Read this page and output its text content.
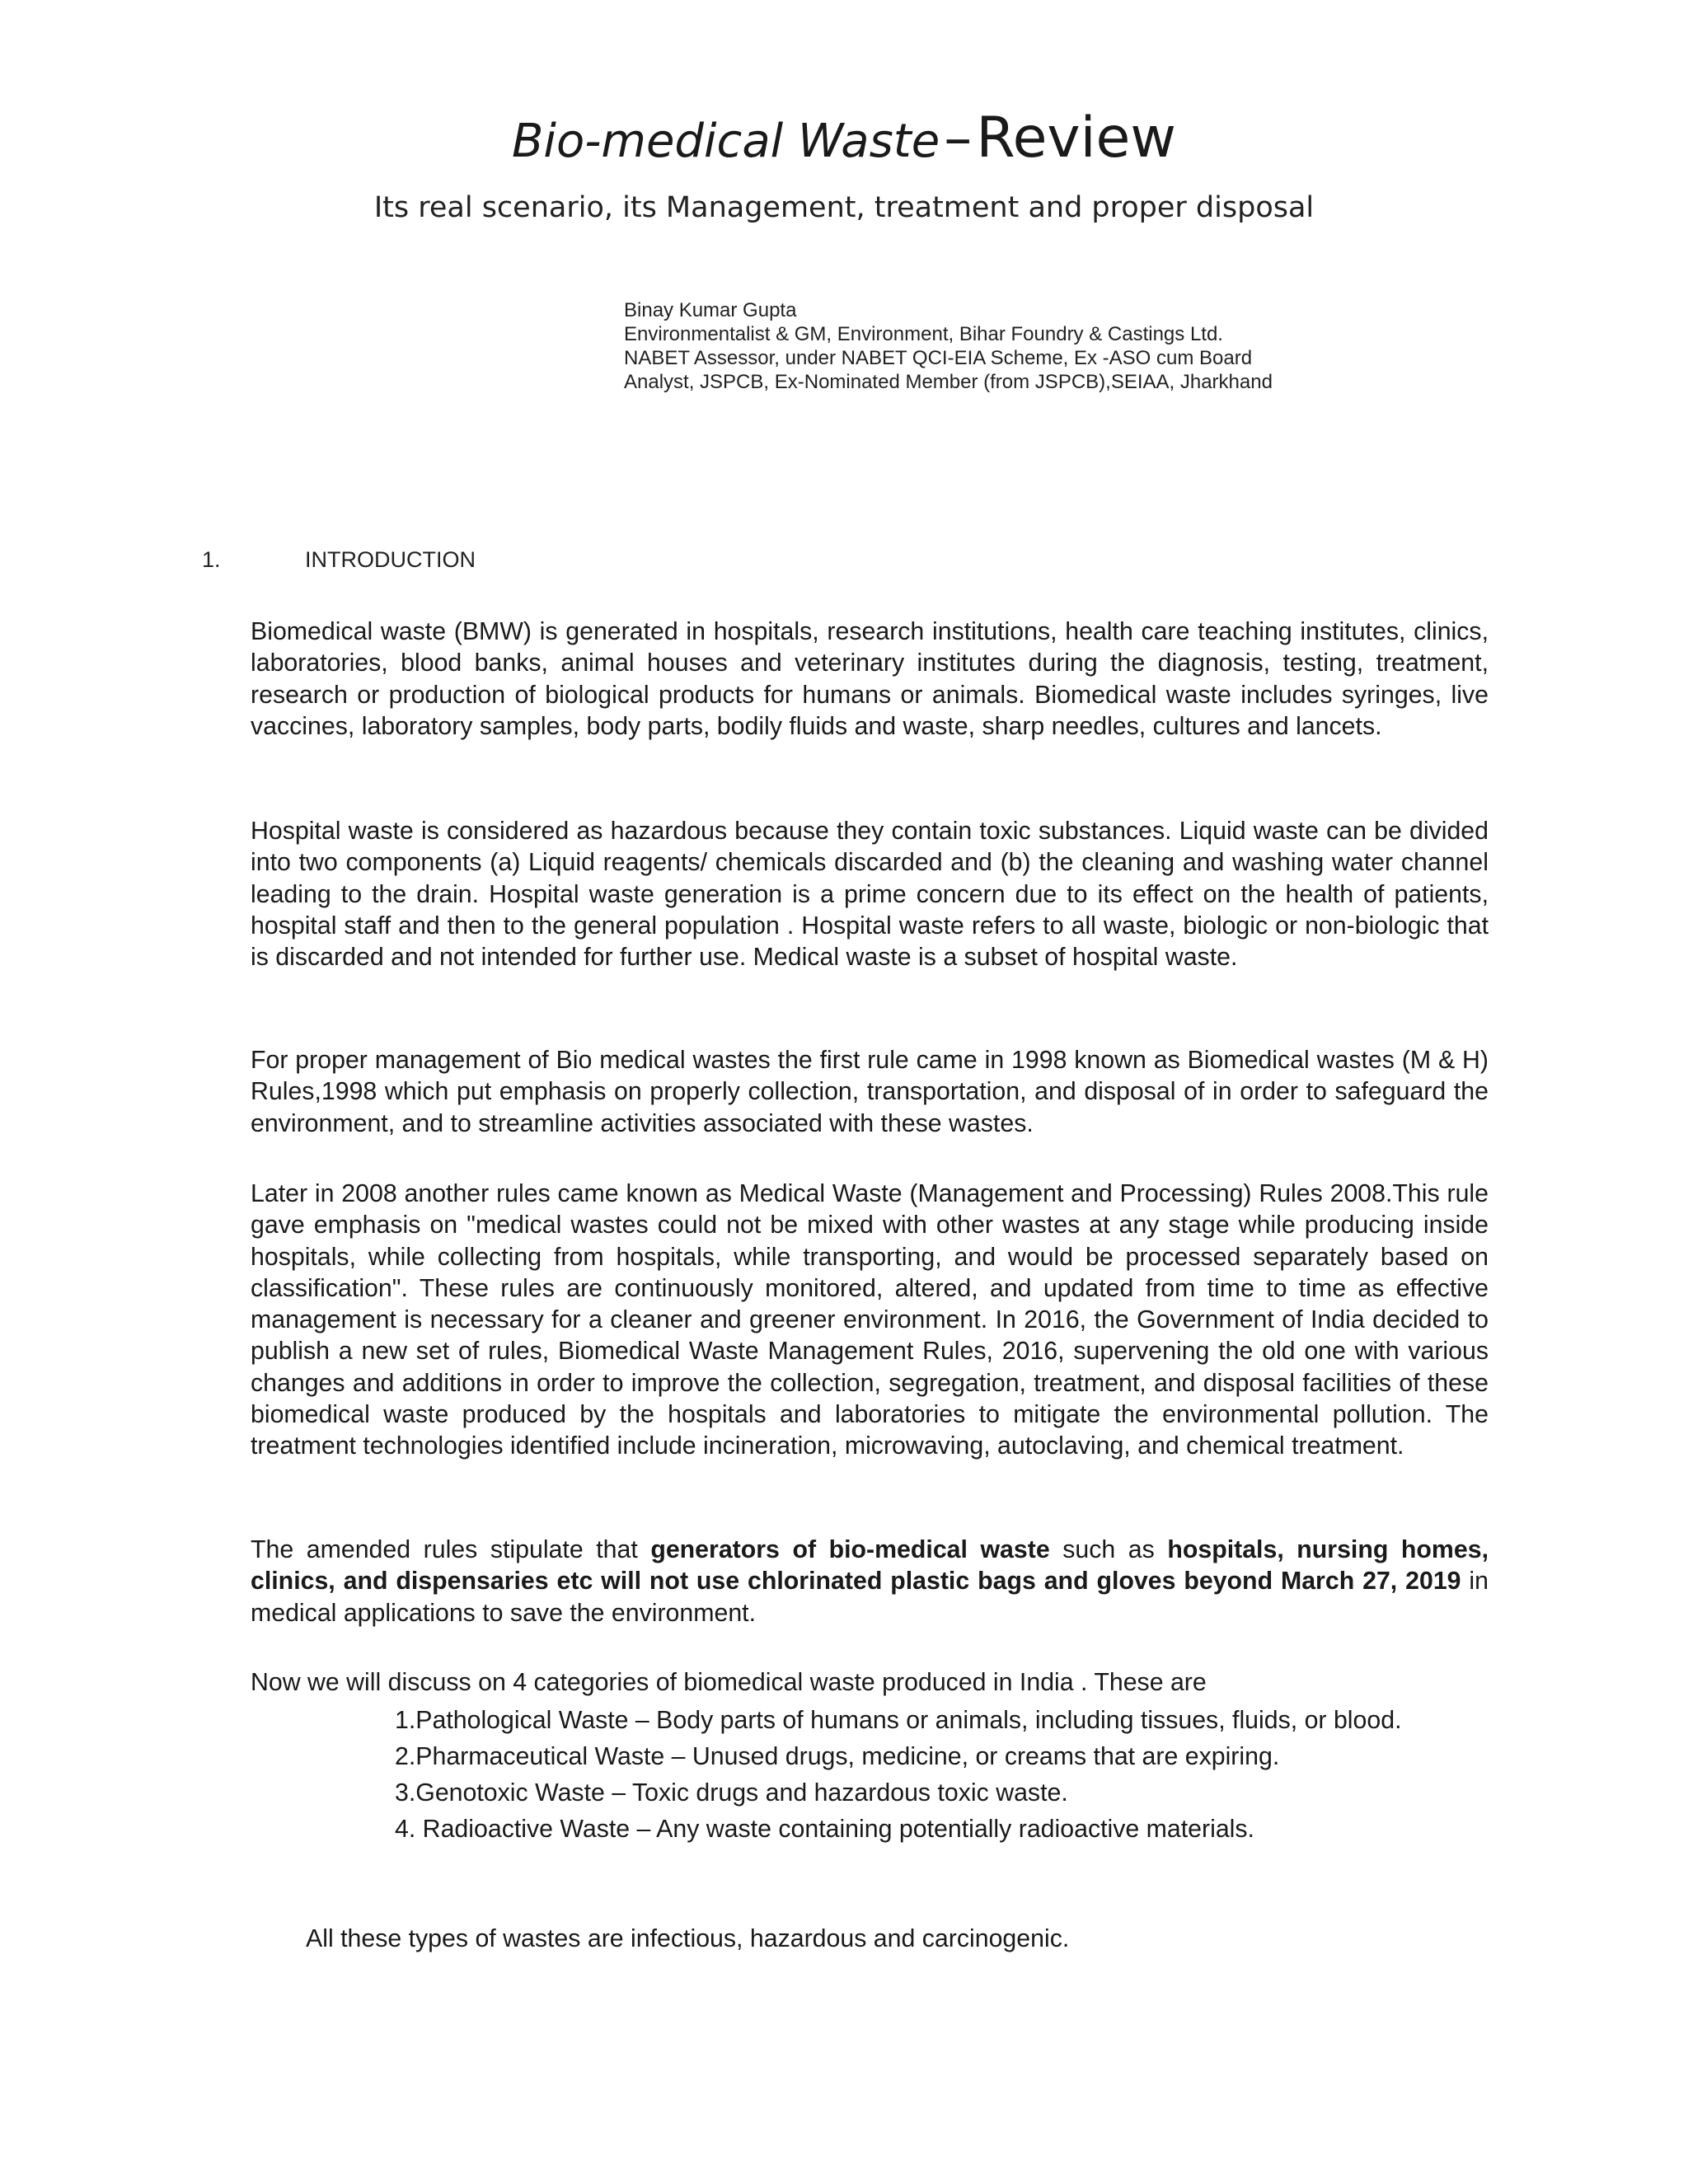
Bio-medical Waste – Review
Its real scenario, its Management, treatment and proper disposal
Binay Kumar Gupta
Environmentalist & GM, Environment, Bihar Foundry & Castings Ltd.
NABET Assessor, under NABET QCI-EIA Scheme, Ex -ASO cum Board
Analyst, JSPCB, Ex-Nominated Member (from JSPCB),SEIAA, Jharkhand
1.	INTRODUCTION

Biomedical waste (BMW) is generated in hospitals, research institutions, health care teaching institutes, clinics, laboratories, blood banks, animal houses and veterinary institutes during the diagnosis, testing, treatment, research or production of biological products for humans or animals. Biomedical waste includes syringes, live vaccines, laboratory samples, body parts, bodily fluids and waste, sharp needles, cultures and lancets.

Hospital waste is considered as hazardous because they contain toxic substances. Liquid waste can be divided into two components (a) Liquid reagents/ chemicals discarded and (b) the cleaning and washing water channel leading to the drain. Hospital waste generation is a prime concern due to its effect on the health of patients, hospital staff and then to the general population . Hospital waste refers to all waste, biologic or non-biologic that is discarded and not intended for further use. Medical waste is a subset of hospital waste.

For proper management of Bio medical wastes the first rule came in 1998 known as Biomedical wastes (M & H) Rules,1998 which put emphasis on properly collection, transportation, and disposal of in order to safeguard the environment, and to streamline activities associated with these wastes.

Later in 2008 another rules came known as Medical Waste (Management and Processing) Rules 2008.This rule gave emphasis on "medical wastes could not be mixed with other wastes at any stage while producing inside hospitals, while collecting from hospitals, while transporting, and would be processed separately based on classification". These rules are continuously monitored, altered, and updated from time to time as effective management is necessary for a cleaner and greener environment. In 2016, the Government of India decided to publish a new set of rules, Biomedical Waste Management Rules, 2016, supervening the old one with various changes and additions in order to improve the collection, segregation, treatment, and disposal facilities of these biomedical waste produced by the hospitals and laboratories to mitigate the environmental pollution. The treatment technologies identified include incineration, microwaving, autoclaving, and chemical treatment.

The amended rules stipulate that generators of bio-medical waste such as hospitals, nursing homes, clinics, and dispensaries etc will not use chlorinated plastic bags and gloves beyond March 27, 2019 in medical applications to save the environment.

Now we will discuss on 4 categories of biomedical waste produced in India . These are

1.Pathological Waste – Body parts of humans or animals, including tissues, fluids, or blood.
2.Pharmaceutical Waste – Unused drugs, medicine, or creams that are expiring.
3.Genotoxic Waste – Toxic drugs and hazardous toxic waste.
4. Radioactive Waste – Any waste containing potentially radioactive materials.

All these types of wastes are infectious, hazardous and carcinogenic.
